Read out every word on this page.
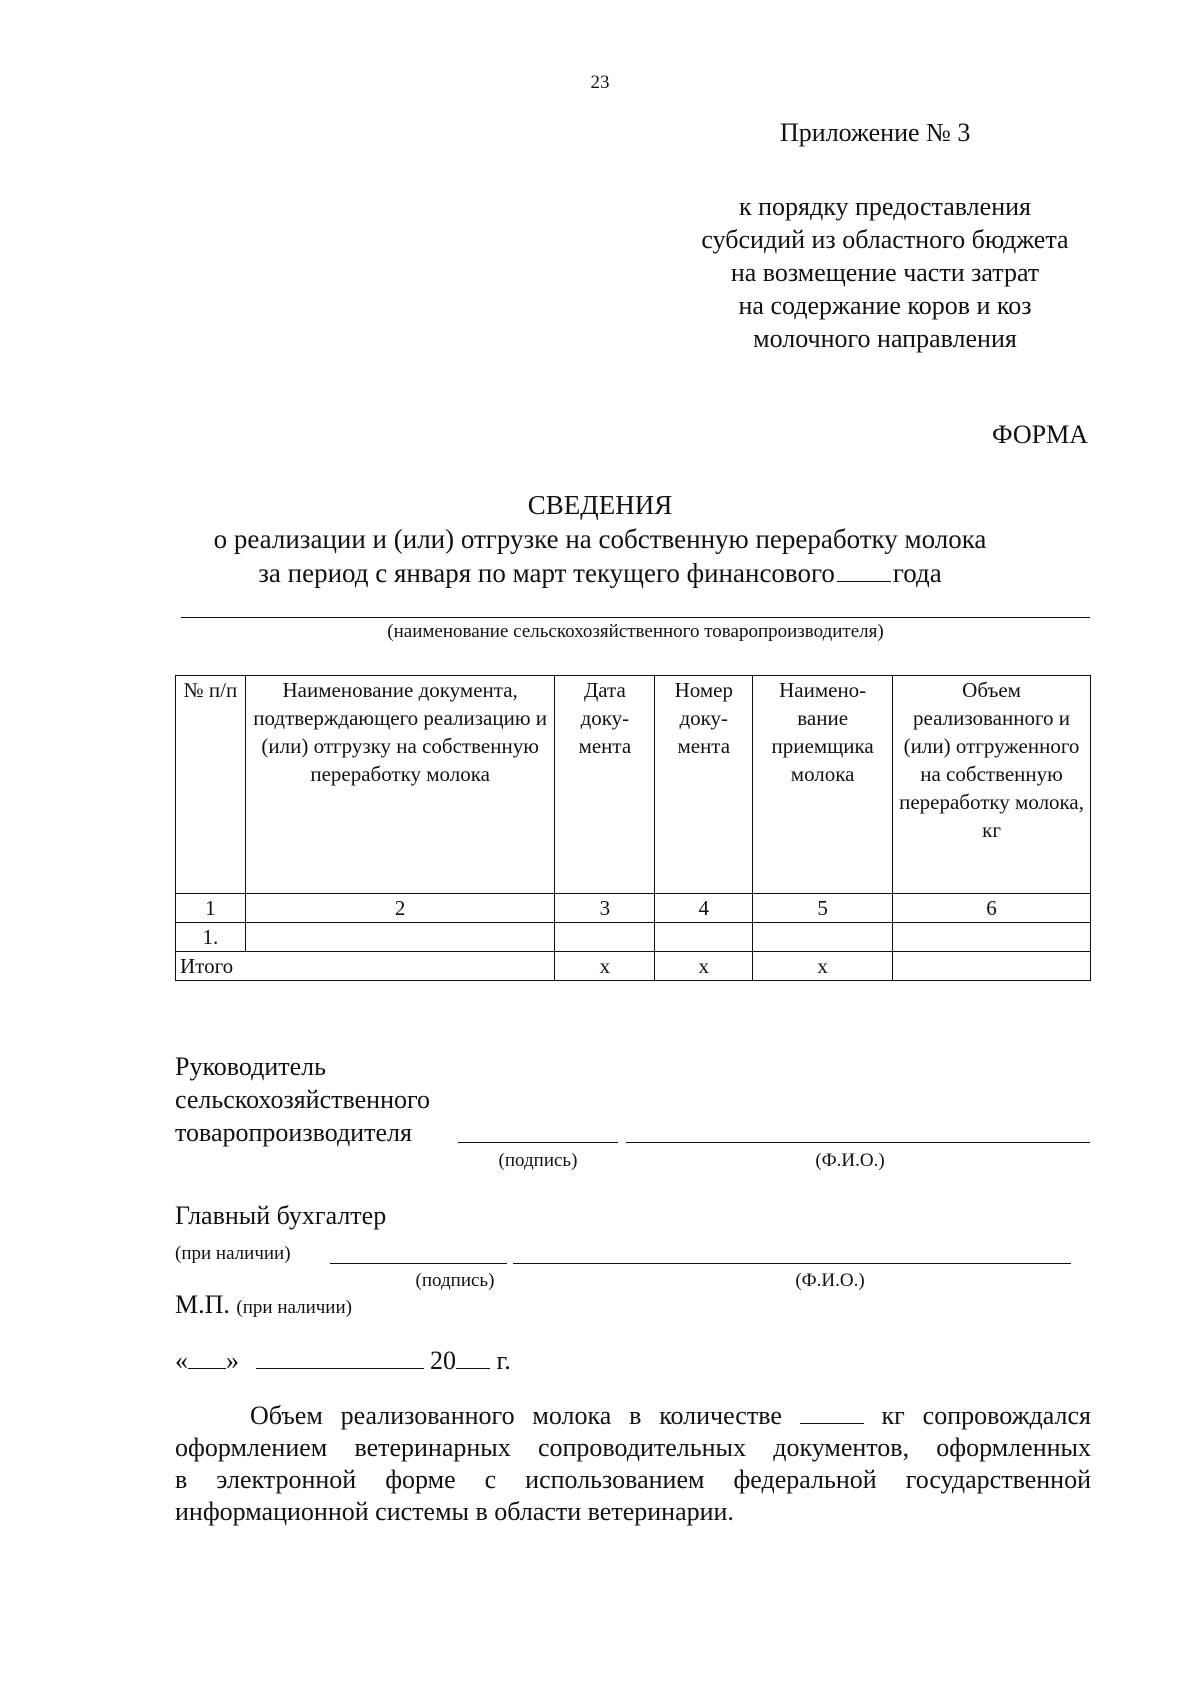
23
Приложение № 3
к порядку предоставления
субсидий из областного бюджета
на возмещение части затрат
на содержание коров и коз
молочного направления
ФОРМА
СВЕДЕНИЯ
о реализации и (или) отгрузке на собственную переработку молока
за период с января по март текущего финансового года
(наименование сельскохозяйственного товаропроизводителя)
№ п/п	Наименование документа, подтверждающего реализацию и (или) отгрузку на собственную переработку молока	Дата доку-мента	Номер доку-мента	Наимено-вание приемщика молока	Объем реализованного и (или) отгруженного на собственную переработку молока, кг
1	2	3	4	5	6
1.					
Итого		х	х	х	
Руководитель
сельскохозяйственного
товаропроизводителя
(подпись)	(Ф.И.О.)
Главный бухгалтер
(при наличии)
(подпись)	(Ф.И.О.)
М.П. (при наличии)
« »	20 г.
Объем реализованного молока в количестве	кг сопровождался
оформлением ветеринарных сопроводительных документов, оформленных
в электронной форме с использованием федеральной государственной
информационной системы в области ветеринарии.
